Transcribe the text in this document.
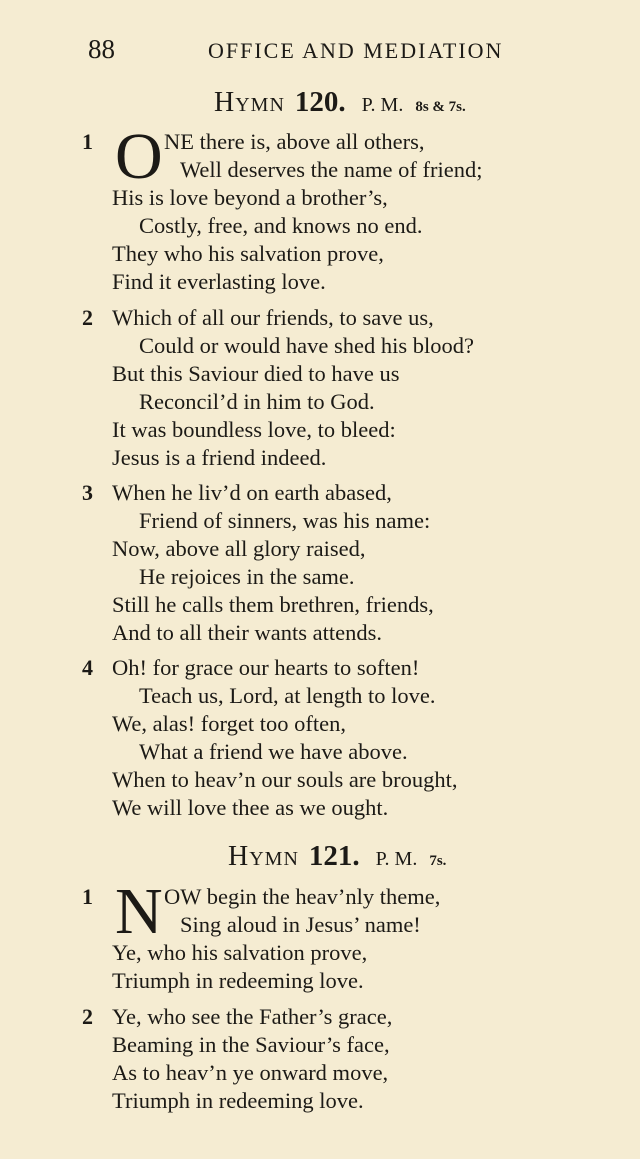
88	OFFICE AND MEDIATION
Hymn 120. P. M. 8s & 7s.
1 O NE there is, above all others,
Well deserves the name of friend;
His is love beyond a brother’s,
Costly, free, and knows no end.
They who his salvation prove,
Find it everlasting love.
2 Which of all our friends, to save us,
Could or would have shed his blood?
But this Saviour died to have us
Reconcil’d in him to God.
It was boundless love, to bleed:
Jesus is a friend indeed.
3 When he liv’d on earth abased,
Friend of sinners, was his name:
Now, above all glory raised,
He rejoices in the same.
Still he calls them brethren, friends,
And to all their wants attends.
4 Oh! for grace our hearts to soften!
Teach us, Lord, at length to love.
We, alas! forget too often,
What a friend we have above.
When to heav’n our souls are brought,
We will love thee as we ought.
Hymn 121. P. M. 7s.
1 N OW begin the heav’nly theme,
Sing aloud in Jesus’ name!
Ye, who his salvation prove,
Triumph in redeeming love.
2 Ye, who see the Father’s grace,
Beaming in the Saviour’s face,
As to heav’n ye onward move,
Triumph in redeeming love.
